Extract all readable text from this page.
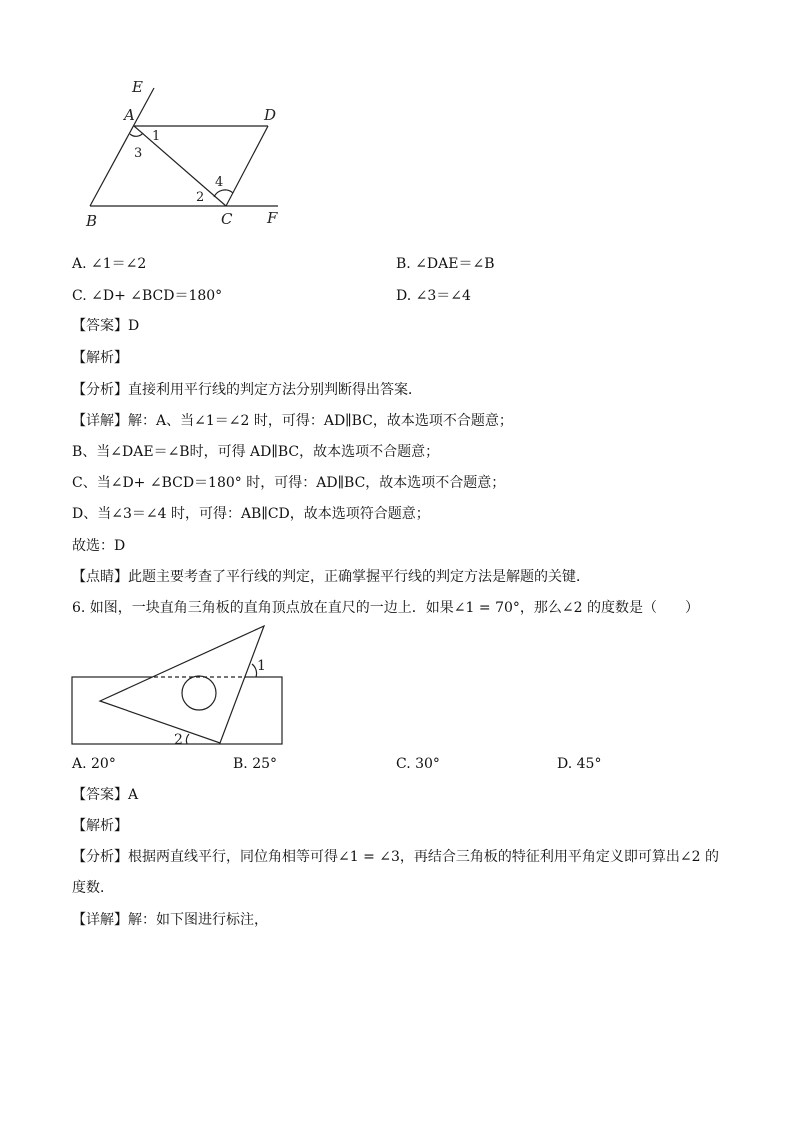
E
A	D
B	C F
1
3
2
4
A. ∠1＝∠2	B. ∠DAE＝∠B
C. ∠D+ ∠BCD＝180°	D. ∠3＝∠4
【答案】D
【解析】
【分析】直接利用平行线的判定方法分别判断得出答案．
【详解】解：A、当∠1＝∠2 时，可得：AD∥BC，故本选项不合题意；
B、当∠DAE＝∠B时，可得 AD∥BC，故本选项不合题意；
C、当∠D+ ∠BCD＝180° 时，可得：AD∥BC，故本选项不合题意；
D、当∠3＝∠4 时，可得：AB∥CD，故本选项符合题意；
故选：D
【点睛】此题主要考查了平行线的判定，正确掌握平行线的判定方法是解题的关键．
6. 如图，一块直角三角板的直角顶点放在直尺的一边上．如果∠1 = 70°，那么∠2 的度数是（　　）
1
2
A. 20°	B. 25°	C. 30°	D. 45°
【答案】A
【解析】
【分析】根据两直线平行，同位角相等可得∠1 = ∠3，再结合三角板的特征利用平角定义即可算出∠2 的
度数．
【详解】解：如下图进行标注，
